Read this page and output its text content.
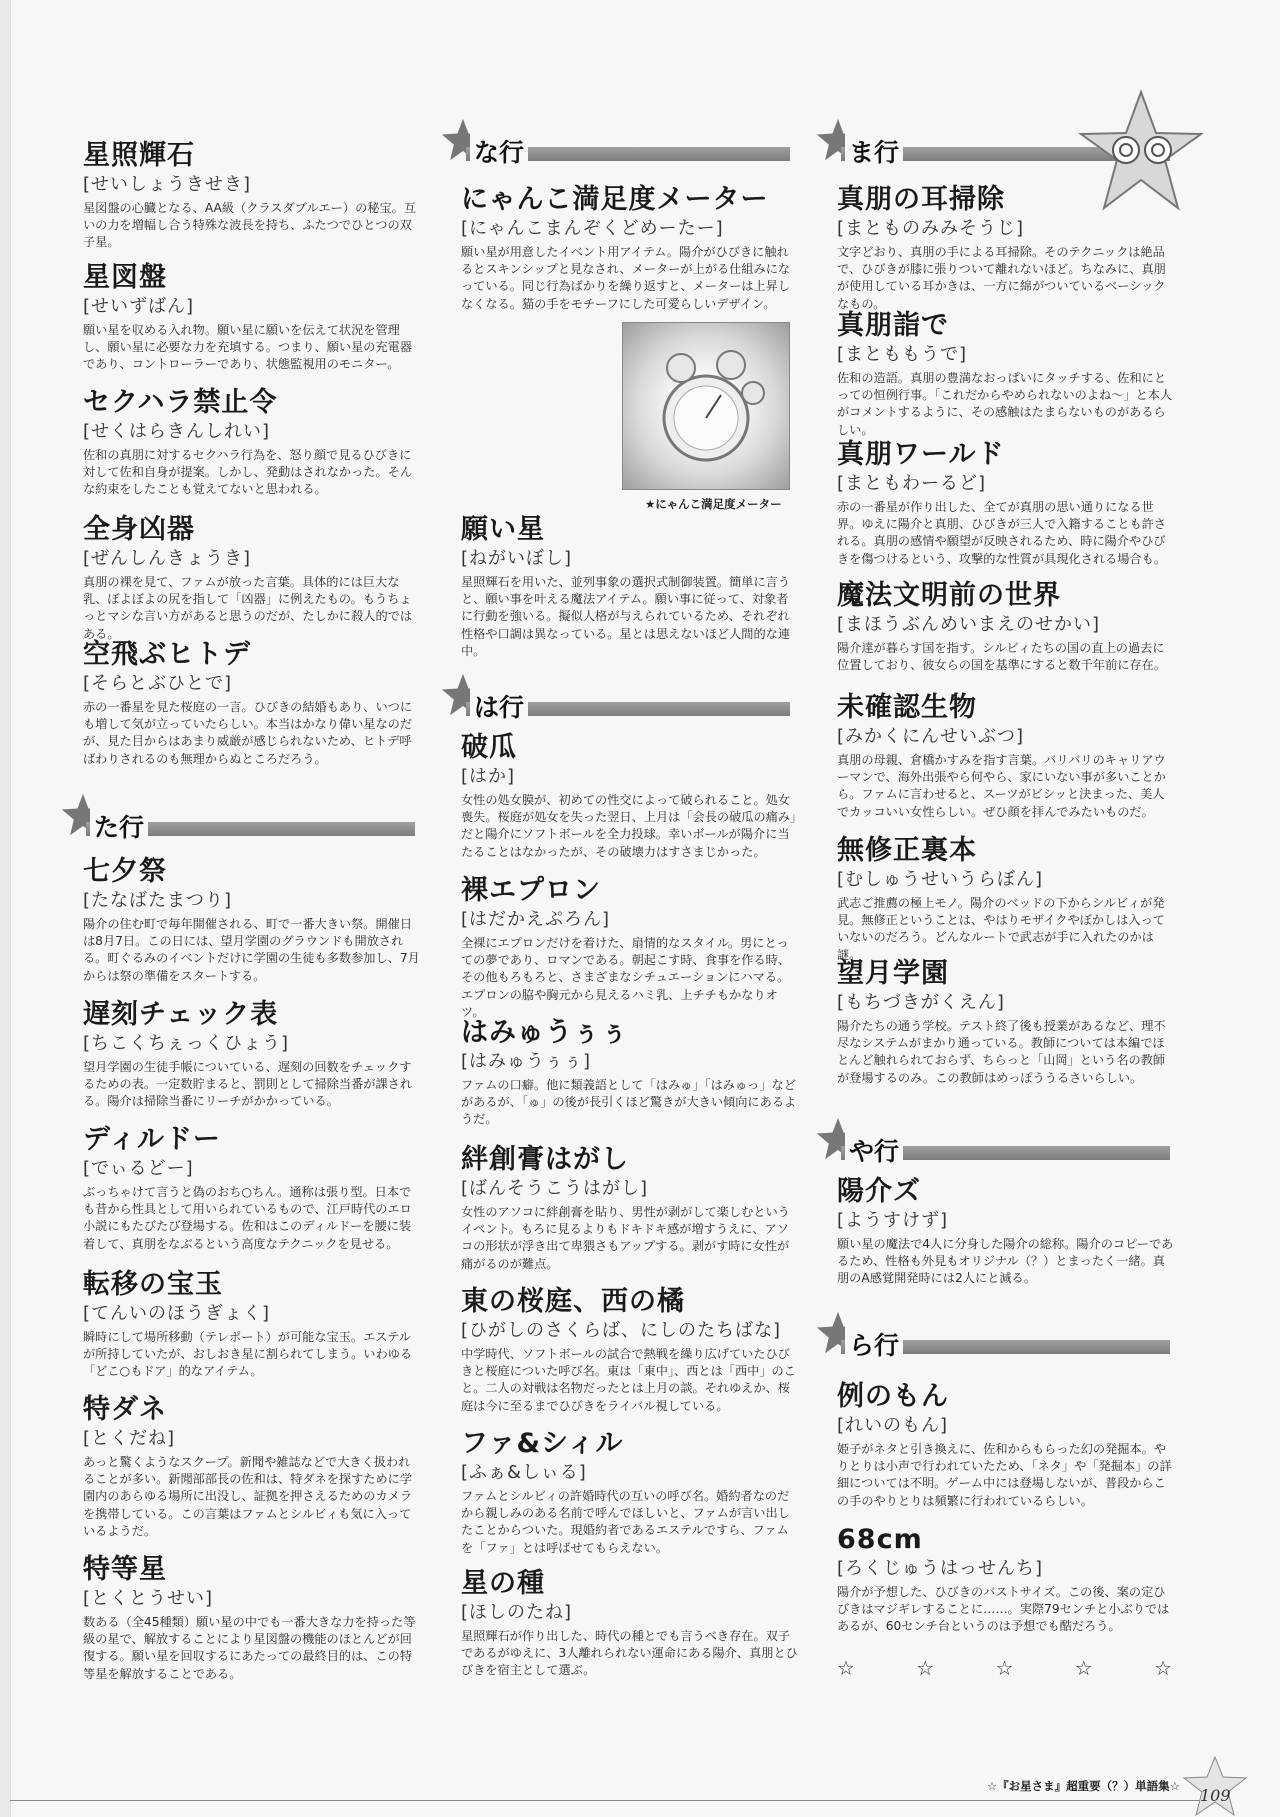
星照輝石
[せいしょうきせき]
星図盤の心臓となる、AA級（クラスダブルエー）の秘宝。互いの力を増幅し合う特殊な波長を持ち、ふたつでひとつの双子星。
星図盤
[せいずばん]
願い星を収める入れ物。願い星に願いを伝えて状況を管理し、願い星に必要な力を充填する。つまり、願い星の充電器であり、コントローラーであり、状態監視用のモニター。
セクハラ禁止令
[せくはらきんしれい]
佐和の真朋に対するセクハラ行為を、怒り顔で見るひびきに対して佐和自身が提案。しかし、発動はされなかった。そんな約束をしたことも覚えてないと思われる。
全身凶器
[ぜんしんきょうき]
真朋の裸を見て、ファムが放った言葉。具体的には巨大な乳、ぼよぼよの尻を指して「凶器」に例えたもの。もうちょっとマシな言い方があると思うのだが、たしかに殺人的ではある。
空飛ぶヒトデ
[そらとぶひとで]
赤の一番星を見た桜庭の一言。ひびきの結婚もあり、いつにも増して気が立っていたらしい。本当はかなり偉い星なのだが、見た目からはあまり威厳が感じられないため、ヒトデ呼ばわりされるのも無理からぬところだろう。
七夕祭
[たなばたまつり]
陽介の住む町で毎年開催される、町で一番大きい祭。開催日は8月7日。この日には、望月学園のグラウンドも開放される。町ぐるみのイベントだけに学園の生徒も多数参加し、7月からは祭の準備をスタートする。
遅刻チェック表
[ちこくちぇっくひょう]
望月学園の生徒手帳についている、遅刻の回数をチェックするための表。一定数貯まると、罰則として掃除当番が課される。陽介は掃除当番にリーチがかかっている。
ディルドー
[でぃるどー]
ぶっちゃけて言うと偽のおち○ちん。通称は張り型。日本でも昔から性具として用いられているもので、江戸時代のエロ小説にもたびたび登場する。佐和はこのディルドーを腰に装着して、真朋をなぶるという高度なテクニックを見せる。
転移の宝玉
[てんいのほうぎょく]
瞬時にして場所移動（テレポート）が可能な宝玉。エステルが所持していたが、おしおき星に割られてしまう。いわゆる「どこ○もドア」的なアイテム。
特ダネ
[とくだね]
あっと驚くようなスクープ。新聞や雑誌などで大きく扱われることが多い。新聞部部長の佐和は、特ダネを探すために学園内のあらゆる場所に出没し、証拠を押さえるためのカメラを携帯している。この言葉はファムとシルビィも気に入っているようだ。
特等星
[とくとうせい]
数ある（全45種類）願い星の中でも一番大きな力を持った等級の星で、解放することにより星図盤の機能のほとんどが回復する。願い星を回収するにあたっての最終目的は、この特等星を解放することである。
にゃんこ満足度メーター
[にゃんこまんぞくどめーたー]
願い星が用意したイベント用アイテム。陽介がひびきに触れるとスキンシップと見なされ、メーターが上がる仕組みになっている。同じ行為ばかりを繰り返すと、メーターは上昇しなくなる。猫の手をモチーフにした可愛らしいデザイン。
願い星
[ねがいぼし]
星照輝石を用いた、並列事象の選択式制御装置。簡単に言うと、願い事を叶える魔法アイテム。願い事に従って、対象者に行動を強いる。擬似人格が与えられているため、それぞれ性格や口調は異なっている。星とは思えないほど人間的な連中。
破瓜
[はか]
女性の処女膜が、初めての性交によって破られること。処女喪失。桜庭が処女を失った翌日、上月は「会長の破瓜の痛み」だと陽介にソフトボールを全力投球。幸いボールが陽介に当たることはなかったが、その破壊力はすさまじかった。
裸エプロン
[はだかえぷろん]
全裸にエプロンだけを着けた、扇情的なスタイル。男にとっての夢であり、ロマンである。朝起こす時、食事を作る時、その他もろもろと、さまざまなシチュエーションにハマる。エプロンの脇や胸元から見えるハミ乳、上チチもかなりオツ。
はみゅうぅぅ
[はみゅうぅぅ]
ファムの口癖。他に類義語として「はみゅ」「はみゅっ」などがあるが、「ゅ」の後が長引くほど驚きが大きい傾向にあるようだ。
絆創膏はがし
[ばんそうこうはがし]
女性のアソコに絆創膏を貼り、男性が剥がして楽しむというイベント。もろに見るよりもドキドキ感が増すうえに、アソコの形状が浮き出て卑猥さもアップする。剥がす時に女性が痛がるのが難点。
東の桜庭、西の橘
[ひがしのさくらば、にしのたちばな]
中学時代、ソフトボールの試合で熱戦を繰り広げていたひびきと桜庭についた呼び名。東は「東中」、西とは「西中」のこと。二人の対戦は名物だったとは上月の談。それゆえか、桜庭は今に至るまでひびきをライバル視している。
ファ&シィル
[ふぁ&しぃる]
ファムとシルビィの許婚時代の互いの呼び名。婚約者なのだから親しみのある名前で呼んでほしいと、ファムが言い出したことからついた。現婚約者であるエステルですら、ファムを「ファ」とは呼ばせてもらえない。
星の種
[ほしのたね]
星照輝石が作り出した、時代の種とでも言うべき存在。双子であるがゆえに、3人離れられない運命にある陽介、真朋とひびきを宿主として選ぶ。
真朋の耳掃除
[まとものみみそうじ]
文字どおり、真朋の手による耳掃除。そのテクニックは絶品で、ひびきが膝に張りついて離れないほど。ちなみに、真朋が使用している耳かきは、一方に綿がついているベーシックなもの。
真朋詣で
[まとももうで]
佐和の造語。真朋の豊満なおっぱいにタッチする、佐和にとっての恒例行事。「これだからやめられないのよね〜」と本人がコメントするように、その感触はたまらないものがあるらしい。
真朋ワールド
[まともわーるど]
赤の一番星が作り出した、全てが真朋の思い通りになる世界。ゆえに陽介と真朋、ひびきが三人で入籍することも許される。真朋の感情や願望が反映されるため、時に陽介やひびきを傷つけるという、攻撃的な性質が具現化される場合も。
魔法文明前の世界
[まほうぶんめいまえのせかい]
陽介達が暮らす国を指す。シルビィたちの国の直上の過去に位置しており、彼女らの国を基準にすると数千年前に存在。
未確認生物
[みかくにんせいぶつ]
真朋の母親、倉橋かすみを指す言葉。バリバリのキャリアウーマンで、海外出張やら何やら、家にいない事が多いことから。ファムに言わせると、スーツがビシッと決まった、美人でカッコいい女性らしい。ぜひ顔を拝んでみたいものだ。
無修正裏本
[むしゅうせいうらぼん]
武志ご推薦の極上モノ。陽介のベッドの下からシルビィが発見。無修正ということは、やはりモザイクやぼかしは入っていないのだろう。どんなルートで武志が手に入れたのかは謎。
望月学園
[もちづきがくえん]
陽介たちの通う学校。テスト終了後も授業があるなど、理不尽なシステムがまかり通っている。教師については本編でほとんど触れられておらず、ちらっと「山岡」という名の教師が登場するのみ。この教師はめっぽううるさいらしい。
陽介ズ
[ようすけず]
願い星の魔法で4人に分身した陽介の総称。陽介のコピーであるため、性格も外見もオリジナル（？）とまったく一緒。真朋のA感覚開発時には2人にと減る。
例のもん
[れいのもん]
姫子がネタと引き換えに、佐和からもらった幻の発掘本。やりとりは小声で行われていたため、「ネタ」や「発掘本」の詳細については不明。ゲーム中には登場しないが、普段からこの手のやりとりは頻繁に行われているらしい。
68cm
[ろくじゅうはっせんち]
陽介が予想した、ひびきのバストサイズ。この後、案の定ひびきはマジギレすることに……。実際79センチと小ぶりではあるが、60センチ台というのは予想でも酷だろう。
た行
な行
は行
ま行
や行
ら行
★にゃんこ満足度メーター
☆	☆	☆	☆	☆
☆『お星さま』超重要（？）単語集☆ 109
